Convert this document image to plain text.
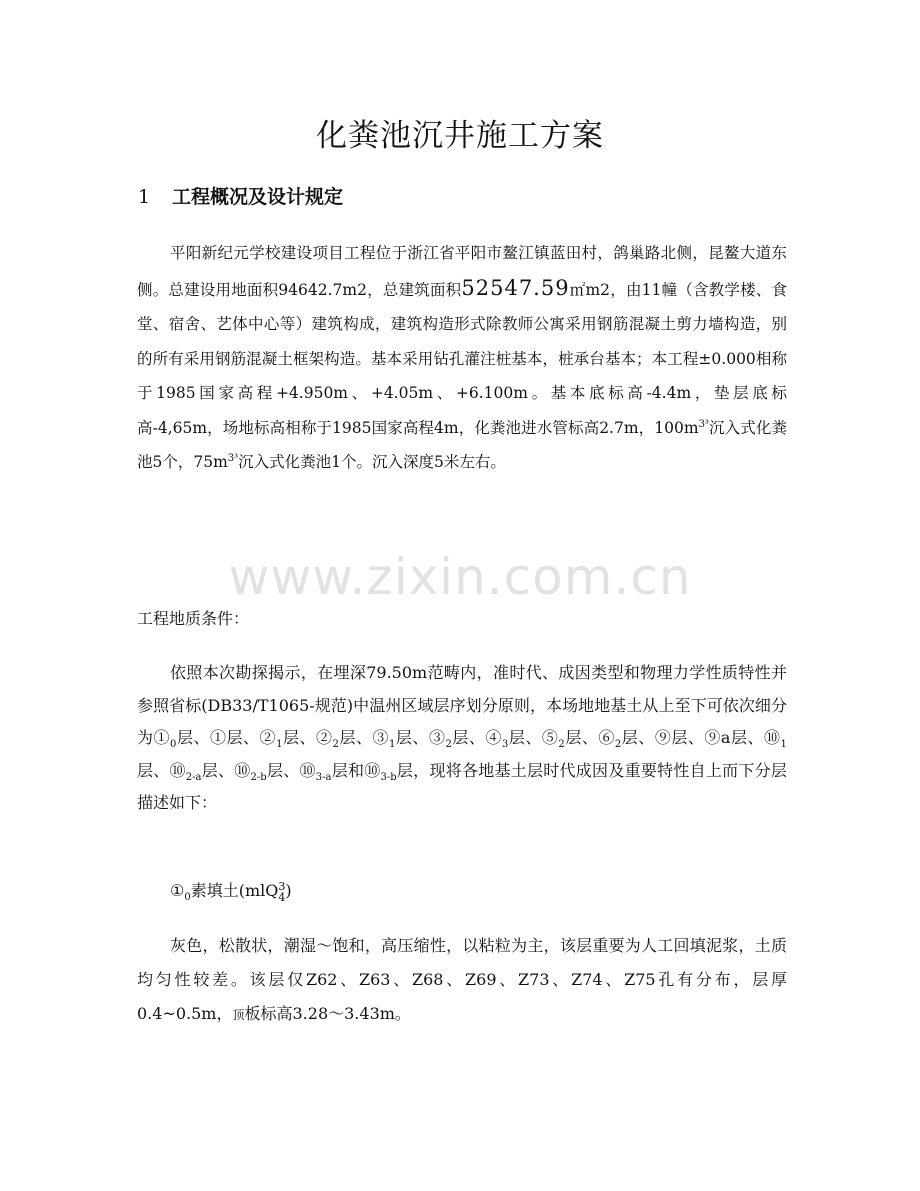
www.zixin.com.cn
化粪池沉井施工方案
1 工程概况及设计规定
平阳新纪元学校建设项目工程位于浙江省平阳市鳌江镇蓝田村，鸽巢路北侧，昆鳌大道东侧。总建设用地面积94642.7m2，总建筑面积52547.59㎡m2，由11幢（含教学楼、食堂、宿舍、艺体中心等）建筑构成，建筑构造形式除教师公寓采用钢筋混凝土剪力墙构造，别的所有采用钢筋混凝土框架构造。基本采用钻孔灌注桩基本，桩承台基本；本工程±0.000相称于1985国家高程+4.950m、+4.05m、+6.100m。基本底标高-4.4m，垫层底标高-4,65m，场地标高相称于1985国家高程4m，化粪池进水管标高2.7m，$100m^{3^3}$沉入式化粪池5个，$75m^{3^3}$沉入式化粪池1个。沉入深度5米左右。
工程地质条件：
依照本次勘探揭示，在埋深79.50m范畴内，准时代、成因类型和物理力学性质特性并参照省标(DB33/T1065-规范)中温州区域层序划分原则，本场地地基土从上至下可依次细分为$①_0$层、①层、$②_1$层、$②_2$层、$③_1$层、$③_2$层、$④_3$层、$⑤_2$层、$⑥_2$层、⑨层、⑨a层、$⑩_1$层、$⑩_{2-a}$层、$⑩_{2-b}$层、$⑩_{3-a}$层和$⑩_{3-b}$层，现将各地基土层时代成因及重要特性自上而下分层描述如下：
$①_0$素填土(mlQ3
4)
灰色，松散状，潮湿～饱和，高压缩性，以粘粒为主，该层重要为人工回填泥浆，土质均匀性较差。该层仅Z62、Z63、Z68、Z69、Z73、Z74、Z75孔有分布，层厚0.4~0.5m，顶板标高3.28～3.43m。
